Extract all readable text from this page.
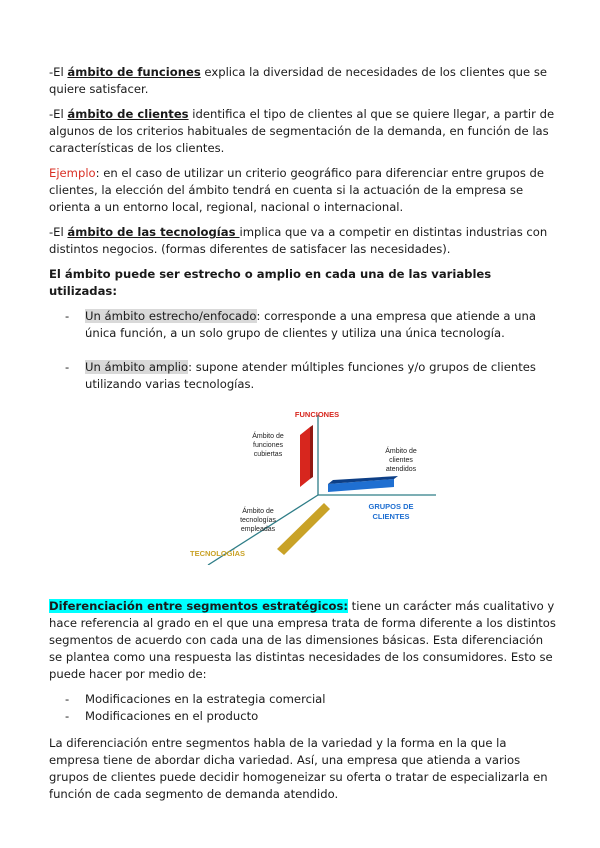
-El ámbito de funciones explica la diversidad de necesidades de los clientes que se quiere satisfacer.

-El ámbito de clientes identifica el tipo de clientes al que se quiere llegar, a partir de algunos de los criterios habituales de segmentación de la demanda, en función de las características de los clientes.

Ejemplo: en el caso de utilizar un criterio geográfico para diferenciar entre grupos de clientes, la elección del ámbito tendrá en cuenta si la actuación de la empresa se orienta a un entorno local, regional, nacional o internacional.

-El ámbito de las tecnologías implica que va a competir en distintas industrias con distintos negocios. (formas diferentes de satisfacer las necesidades).

El ámbito puede ser estrecho o amplio en cada una de las variables utilizadas:

- Un ámbito estrecho/enfocado: corresponde a una empresa que atiende a una única función, a un solo grupo de clientes y utiliza una única tecnología.
- Un ámbito amplio: supone atender múltiples funciones y/o grupos de clientes utilizando varias tecnologías.
FUNCIONES
Ámbito de
funciones
cubiertas	Ámbito de
clientes
atendidos
GRUPOS DE
CLIENTES
Ámbito de
tecnologías
empleadas
TECNOLOGÍAS

Diferenciación entre segmentos estratégicos: tiene un carácter más cualitativo y hace referencia al grado en el que una empresa trata de forma diferente a los distintos segmentos de acuerdo con cada una de las dimensiones básicas. Esta diferenciación se plantea como una respuesta las distintas necesidades de los consumidores. Esto se puede hacer por medio de:

- Modificaciones en la estrategia comercial
- Modificaciones en el producto

La diferenciación entre segmentos habla de la variedad y la forma en la que la empresa tiene de abordar dicha variedad. Así, una empresa que atienda a varios grupos de clientes puede decidir homogeneizar su oferta o tratar de especializarla en función de cada segmento de demanda atendido.
